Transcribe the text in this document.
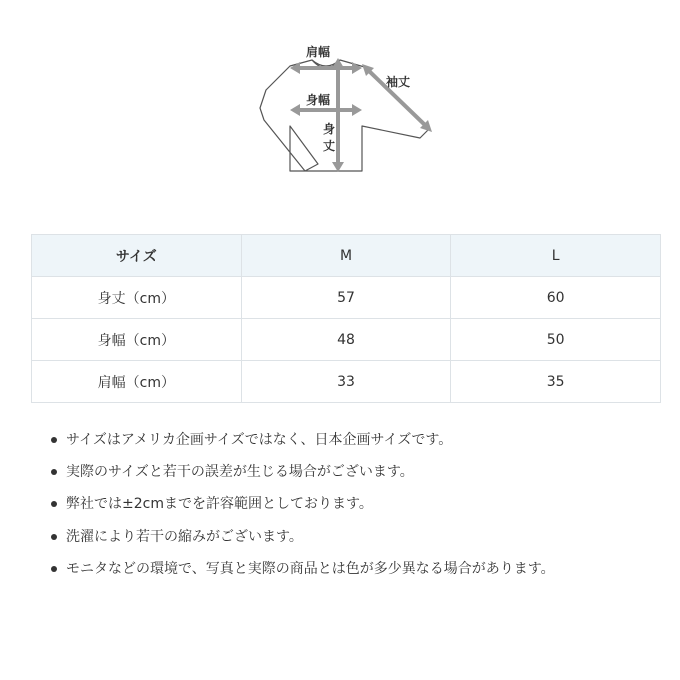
肩幅
身幅
袖丈
身 丈
サイズ	M	L
身丈（cm）	57	60
身幅（cm）	48	50
肩幅（cm）	33	35
サイズはアメリカ企画サイズではなく、日本企画サイズです。
実際のサイズと若干の誤差が生じる場合がございます。
弊社では±2cmまでを許容範囲としております。
洗濯により若干の縮みがございます。
モニタなどの環境で、写真と実際の商品とは色が多少異なる場合があります。
